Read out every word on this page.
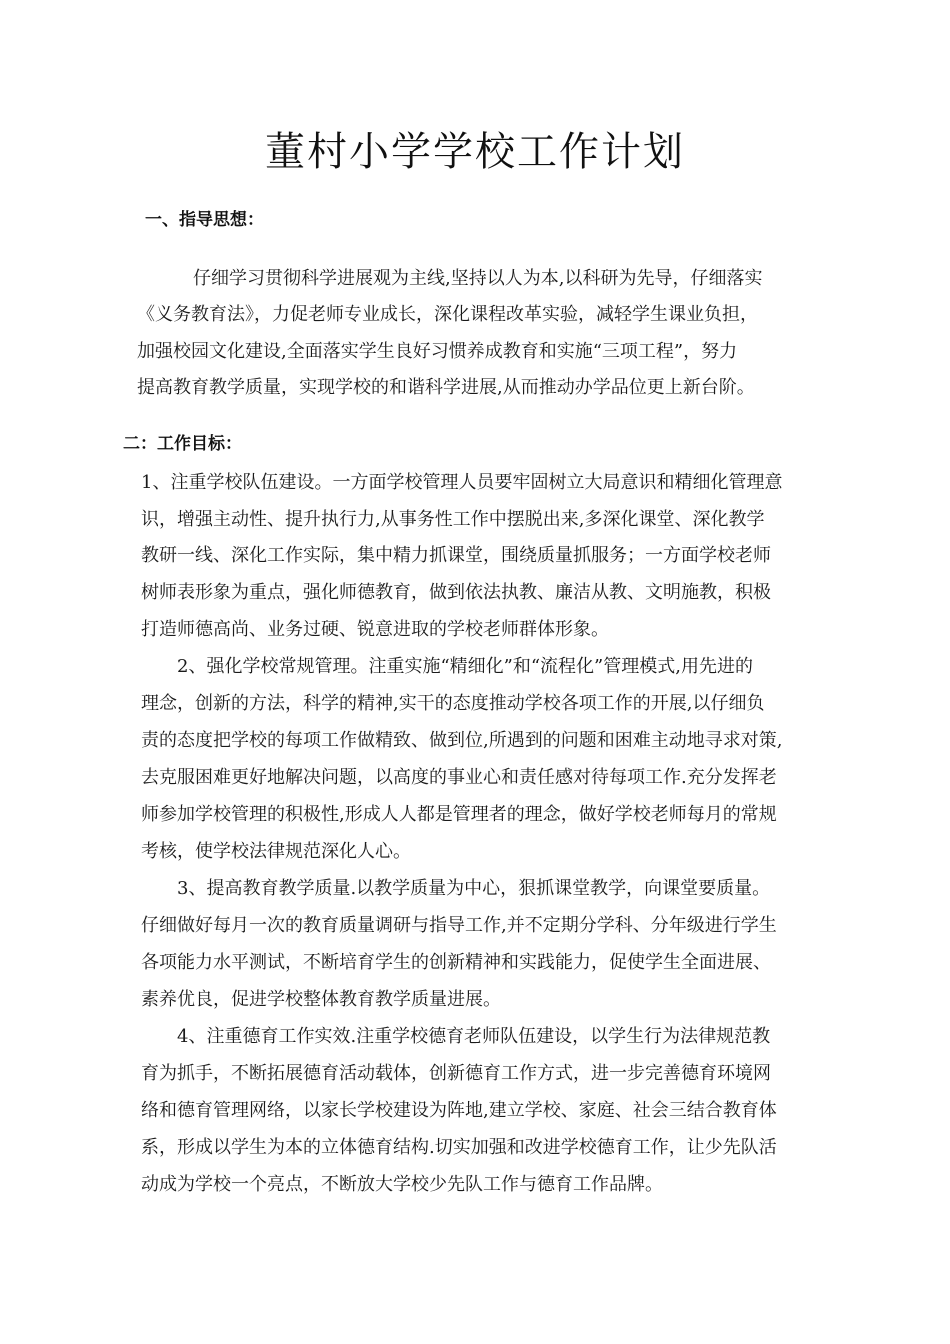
董村小学学校工作计划
一、指导思想：
仔细学习贯彻科学进展观为主线,坚持以人为本,以科研为先导，仔细落实
《义务教育法》，力促老师专业成长，深化课程改革实验，减轻学生课业负担，
加强校园文化建设,全面落实学生良好习惯养成教育和实施“三项工程”，努力
提高教育教学质量，实现学校的和谐科学进展,从而推动办学品位更上新台阶。
二：工作目标：
1、注重学校队伍建设。一方面学校管理人员要牢固树立大局意识和精细化管理意
识，增强主动性、提升执行力,从事务性工作中摆脱出来,多深化课堂、深化教学
教研一线、深化工作实际，集中精力抓课堂，围绕质量抓服务；一方面学校老师
树师表形象为重点，强化师德教育，做到依法执教、廉洁从教、文明施教，积极
打造师德高尚、业务过硬、锐意进取的学校老师群体形象。
2、强化学校常规管理。注重实施“精细化”和“流程化”管理模式,用先进的
理念，创新的方法，科学的精神,实干的态度推动学校各项工作的开展,以仔细负
责的态度把学校的每项工作做精致、做到位,所遇到的问题和困难主动地寻求对策,
去克服困难更好地解决问题，以高度的事业心和责任感对待每项工作.充分发挥老
师参加学校管理的积极性,形成人人都是管理者的理念，做好学校老师每月的常规
考核，使学校法律规范深化人心。
3、提高教育教学质量.以教学质量为中心，狠抓课堂教学，向课堂要质量。
仔细做好每月一次的教育质量调研与指导工作,并不定期分学科、分年级进行学生
各项能力水平测试，不断培育学生的创新精神和实践能力，促使学生全面进展、
素养优良，促进学校整体教育教学质量进展。
4、注重德育工作实效.注重学校德育老师队伍建设，以学生行为法律规范教
育为抓手，不断拓展德育活动载体，创新德育工作方式，进一步完善德育环境网
络和德育管理网络，以家长学校建设为阵地,建立学校、家庭、社会三结合教育体
系，形成以学生为本的立体德育结构.切实加强和改进学校德育工作，让少先队活
动成为学校一个亮点，不断放大学校少先队工作与德育工作品牌。
